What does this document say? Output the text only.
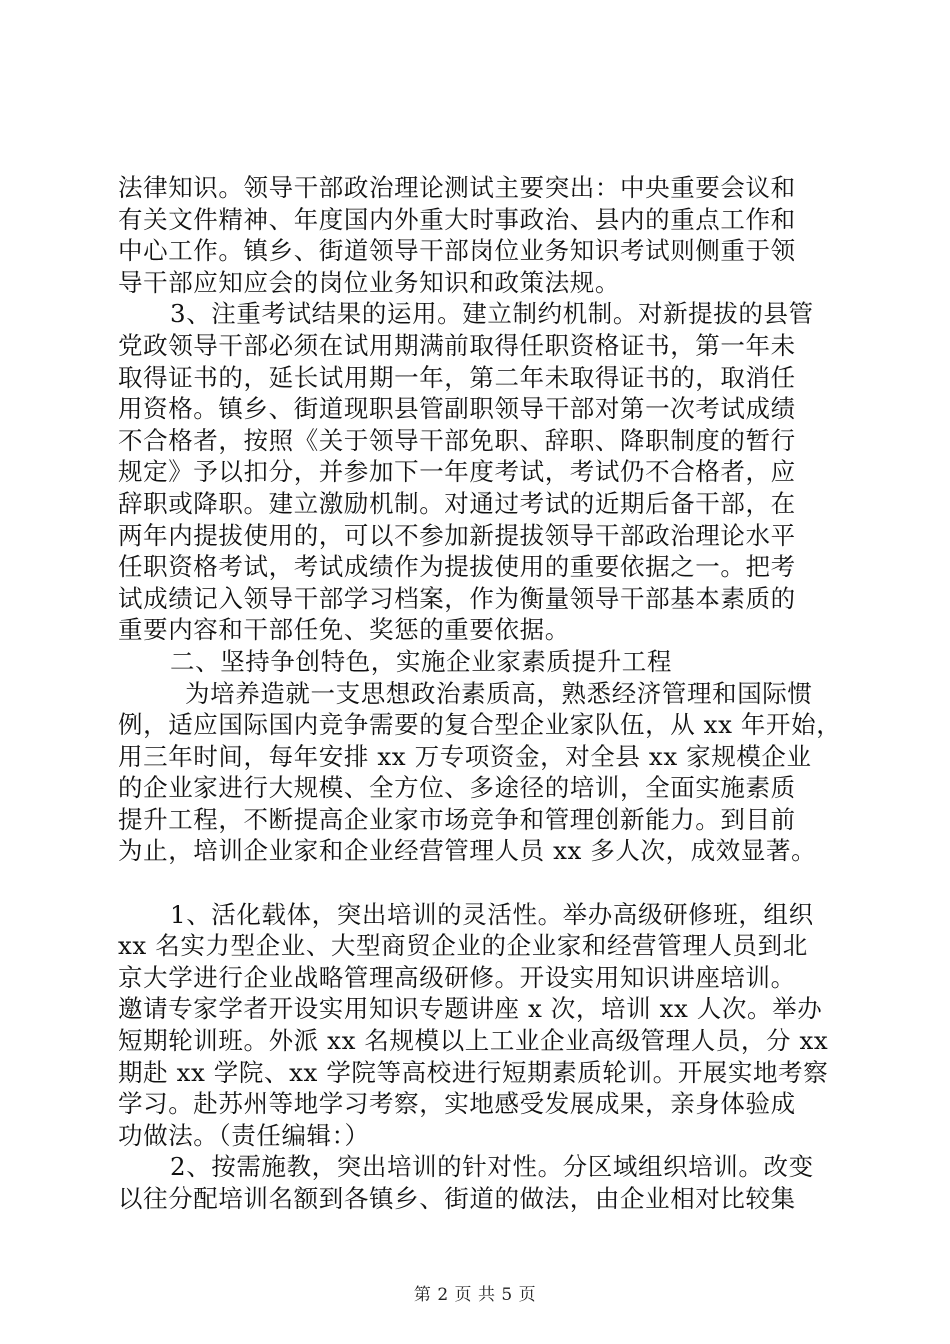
法律知识。领导干部政治理论测试主要突出：中央重要会议和
有关文件精神、年度国内外重大时事政治、县内的重点工作和
中心工作。镇乡、街道领导干部岗位业务知识考试则侧重于领
导干部应知应会的岗位业务知识和政策法规。
3、注重考试结果的运用。建立制约机制。对新提拔的县管
党政领导干部必须在试用期满前取得任职资格证书，第一年未
取得证书的，延长试用期一年，第二年未取得证书的，取消任
用资格。镇乡、街道现职县管副职领导干部对第一次考试成绩
不合格者，按照《关于领导干部免职、辞职、降职制度的暂行
规定》予以扣分，并参加下一年度考试，考试仍不合格者，应
辞职或降职。建立激励机制。对通过考试的近期后备干部，在
两年内提拔使用的，可以不参加新提拔领导干部政治理论水平
任职资格考试，考试成绩作为提拔使用的重要依据之一。把考
试成绩记入领导干部学习档案，作为衡量领导干部基本素质的
重要内容和干部任免、奖惩的重要依据。
二、坚持争创特色，实施企业家素质提升工程
为培养造就一支思想政治素质高，熟悉经济管理和国际惯
例，适应国际国内竞争需要的复合型企业家队伍，从 xx 年开始，
用三年时间，每年安排 xx 万专项资金，对全县 xx 家规模企业
的企业家进行大规模、全方位、多途径的培训，全面实施素质
提升工程，不断提高企业家市场竞争和管理创新能力。到目前
为止，培训企业家和企业经营管理人员 xx 多人次，成效显著。
1、活化载体，突出培训的灵活性。举办高级研修班，组织
xx 名实力型企业、大型商贸企业的企业家和经营管理人员到北
京大学进行企业战略管理高级研修。开设实用知识讲座培训。
邀请专家学者开设实用知识专题讲座 x 次，培训 xx 人次。举办
短期轮训班。外派 xx 名规模以上工业企业高级管理人员，分 xx
期赴 xx 学院、xx 学院等高校进行短期素质轮训。开展实地考察
学习。赴苏州等地学习考察，实地感受发展成果，亲身体验成
功做法。（责任编辑：）
2、按需施教，突出培训的针对性。分区域组织培训。改变
以往分配培训名额到各镇乡、街道的做法，由企业相对比较集
第 2 页 共 5 页
